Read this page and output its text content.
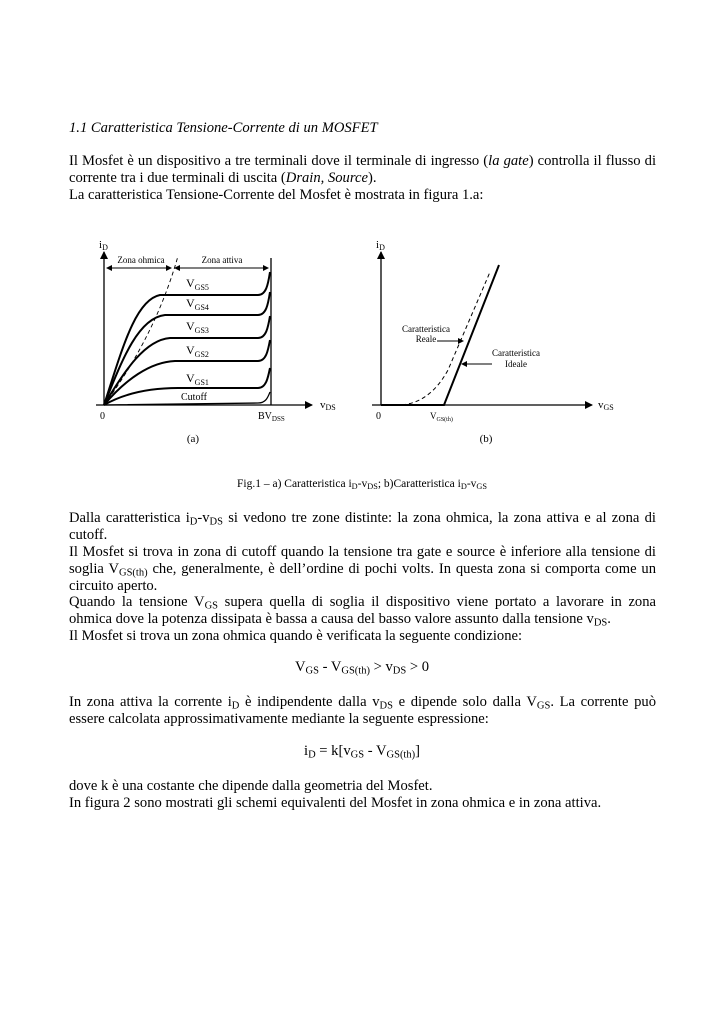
1.1 Caratteristica Tensione-Corrente di un MOSFET

Il Mosfet è un dispositivo a tre terminali dove il terminale di ingresso (la gate) controlla il flusso di corrente tra i due terminali di uscita (Drain, Source).

La caratteristica Tensione-Corrente del Mosfet è mostrata in figura 1.a:

Zona ohmica	Zona attiva
iD
vDS
0	$BV_{DSS}$
$V_{GS5}$
$V_{GS4}$
$V_{GS3}$
$V_{GS2}$
$V_{GS1}$
Cutoff
(a)
Caratteristica
Reale
Caratteristica
Ideale
iD
vGS
0	$V_{GS(th)}$
(b)
Fig.1 – a) Caratteristica $i_D-v_{DS}$; b)Caratteristica $i_D-v_{GS}$

Dalla caratteristica $i_D-v_{DS}$ si vedono tre zone distinte: la zona ohmica, la zona attiva e al zona di cutoff.

Il Mosfet si trova in zona di cutoff quando la tensione tra gate e source è inferiore alla tensione di soglia $V_{GS(th)}$ che, generalmente, è dell’ordine di pochi volts. In questa zona si comporta come un circuito aperto.

Quando la tensione $V_{GS}$ supera quella di soglia il dispositivo viene portato a lavorare in zona ohmica dove la potenza dissipata è bassa a causa del basso valore assunto dalla tensione $v_{DS}$.

Il Mosfet si trova un zona ohmica quando è verificata la seguente condizione:

$V_{GS} - V_{GS(th)} > v_{DS} > 0$

In zona attiva la corrente $i_D$ è indipendente dalla $v_{DS}$ e dipende solo dalla $V_{GS}$. La corrente può essere calcolata approssimativamente mediante la seguente espressione:

$i_D = k[v_{GS} - V_{GS(th)}]$

dove k è una costante che dipende dalla geometria del Mosfet.

In figura 2 sono mostrati gli schemi equivalenti del Mosfet in zona ohmica e in zona attiva.
